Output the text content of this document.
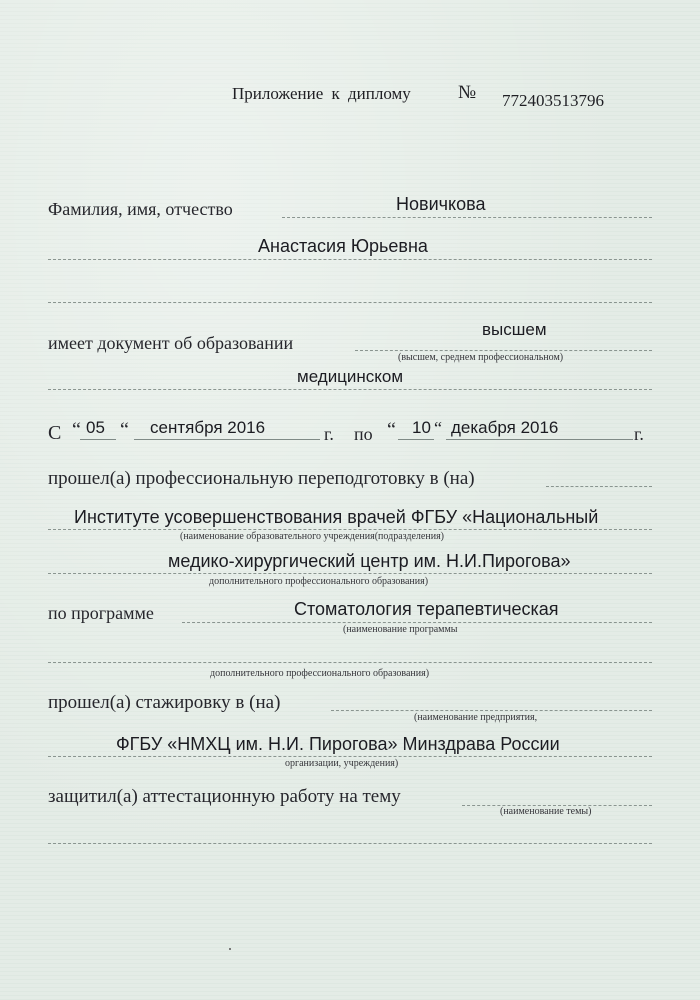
Приложение к диплому № 772403513796
Фамилия, имя, отчество	Новичкова
Анастасия Юрьевна
имеет документ об образовании
высшем
(высшем, среднем профессиональном)
медицинском
С “ 05 “ сентября 2016	г. по “ 10 “ декабря 2016	г.
прошел(а) профессиональную переподготовку в (на)
Институте усовершенствования врачей ФГБУ «Национальный
(наименование образовательного учреждения(подразделения)
медико-хирургический центр им. Н.И.Пирогова»
дополнительного профессионального образования)
по программе	Стоматология терапевтическая
(наименование программы
дополнительного профессионального образования)
прошел(а) стажировку в (на)
(наименование предприятия,
ФГБУ «НМХЦ им. Н.И. Пирогова» Минздрава России
организации, учреждения)
защитил(а) аттестационную работу на тему
(наименование темы)
